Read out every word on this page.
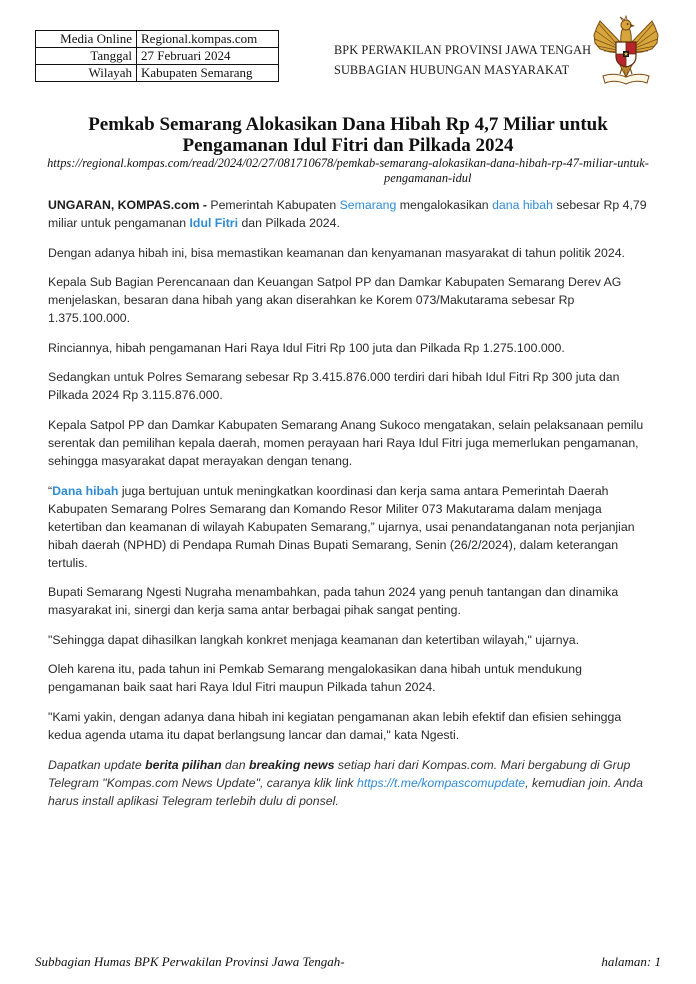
Media Online	Regional.kompas.com
Tanggal	27 Februari 2024
Wilayah	Kabupaten Semarang
BPK PERWAKILAN PROVINSI JAWA TENGAH
SUBBAGIAN HUBUNGAN MASYARAKAT
Pemkab Semarang Alokasikan Dana Hibah Rp 4,7 Miliar untuk Pengamanan Idul Fitri dan Pilkada 2024
https://regional.kompas.com/read/2024/02/27/081710678/pemkab-semarang-alokasikan-dana-hibah-rp-47-miliar-untuk-
pengamanan-idul

UNGARAN, KOMPAS.com - Pemerintah Kabupaten Semarang mengalokasikan dana hibah sebesar Rp 4,79 miliar untuk pengamanan Idul Fitri dan Pilkada 2024.

Dengan adanya hibah ini, bisa memastikan keamanan dan kenyamanan masyarakat di tahun politik 2024.

Kepala Sub Bagian Perencanaan dan Keuangan Satpol PP dan Damkar Kabupaten Semarang Derev AG menjelaskan, besaran dana hibah yang akan diserahkan ke Korem 073/Makutarama sebesar Rp 1.375.100.000.

Rinciannya, hibah pengamanan Hari Raya Idul Fitri Rp 100 juta dan Pilkada Rp 1.275.100.000.

Sedangkan untuk Polres Semarang sebesar Rp 3.415.876.000 terdiri dari hibah Idul Fitri Rp 300 juta dan Pilkada 2024 Rp 3.115.876.000.

Kepala Satpol PP dan Damkar Kabupaten Semarang Anang Sukoco mengatakan, selain pelaksanaan pemilu serentak dan pemilihan kepala daerah, momen perayaan hari Raya Idul Fitri juga memerlukan pengamanan, sehingga masyarakat dapat merayakan dengan tenang.

“Dana hibah juga bertujuan untuk meningkatkan koordinasi dan kerja sama antara Pemerintah Daerah Kabupaten Semarang Polres Semarang dan Komando Resor Militer 073 Makutarama dalam menjaga ketertiban dan keamanan di wilayah Kabupaten Semarang,” ujarnya, usai penandatanganan nota perjanjian hibah daerah (NPHD) di Pendapa Rumah Dinas Bupati Semarang, Senin (26/2/2024), dalam keterangan tertulis.

Bupati Semarang Ngesti Nugraha menambahkan, pada tahun 2024 yang penuh tantangan dan dinamika masyarakat ini, sinergi dan kerja sama antar berbagai pihak sangat penting.

"Sehingga dapat dihasilkan langkah konkret menjaga keamanan dan ketertiban wilayah," ujarnya.

Oleh karena itu, pada tahun ini Pemkab Semarang mengalokasikan dana hibah untuk mendukung pengamanan baik saat hari Raya Idul Fitri maupun Pilkada tahun 2024.

"Kami yakin, dengan adanya dana hibah ini kegiatan pengamanan akan lebih efektif dan efisien sehingga kedua agenda utama itu dapat berlangsung lancar dan damai," kata Ngesti.

Dapatkan update berita pilihan dan breaking news setiap hari dari Kompas.com. Mari bergabung di Grup Telegram "Kompas.com News Update", caranya klik link https://t.me/kompascomupdate, kemudian join. Anda harus install aplikasi Telegram terlebih dulu di ponsel.

Subbagian Humas BPK Perwakilan Provinsi Jawa Tengah-	halaman: 1
